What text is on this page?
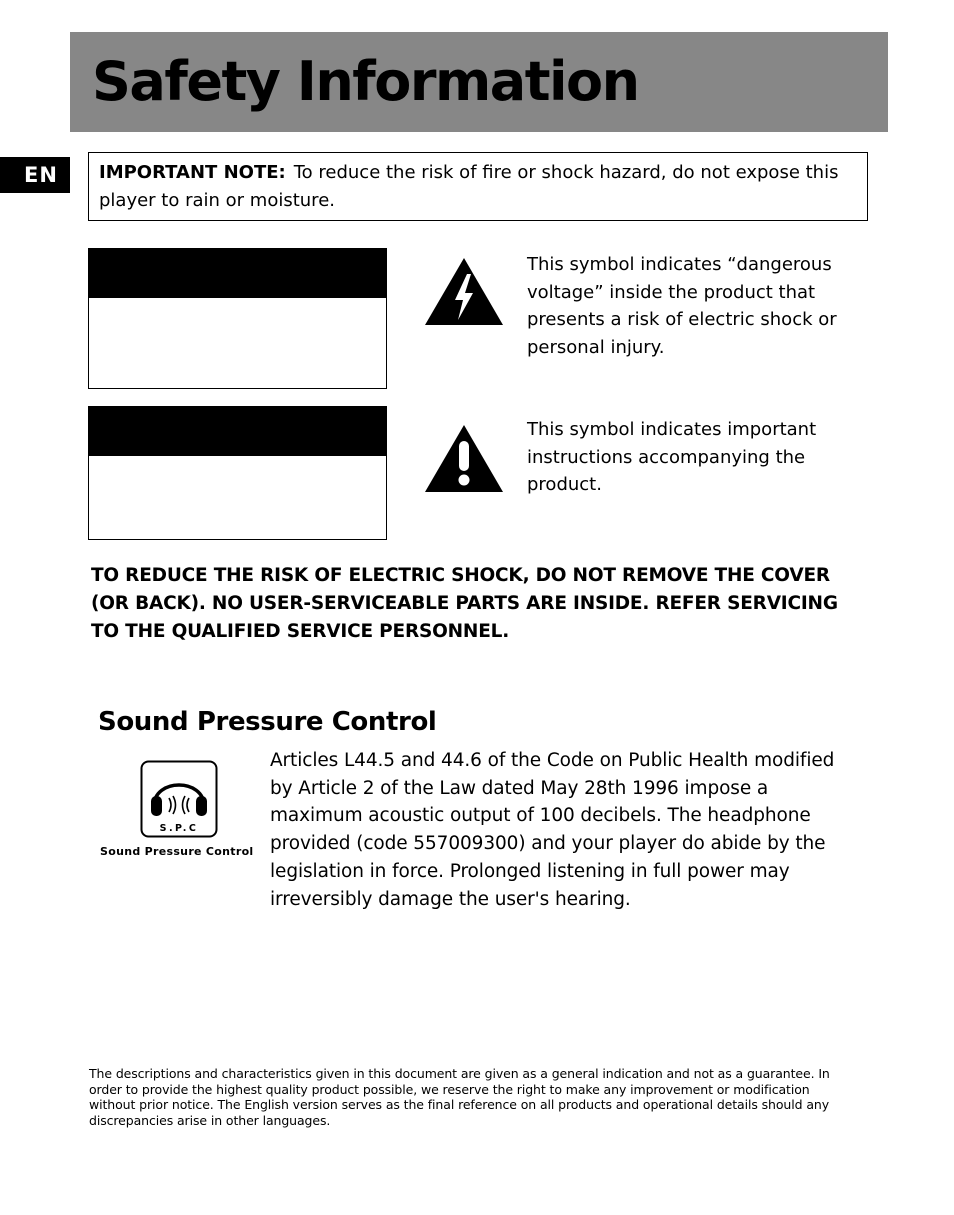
Safety Information
EN	IMPORTANT NOTE: To reduce the risk of fire or shock hazard, do not expose this player to rain or moisture.
This symbol indicates “dangerous voltage” inside the product that presents a risk of electric shock or personal injury.
This symbol indicates important instructions accompanying the product.
TO REDUCE THE RISK OF ELECTRIC SHOCK, DO NOT REMOVE THE COVER (OR BACK). NO USER-SERVICEABLE PARTS ARE INSIDE. REFER SERVICING TO THE QUALIFIED SERVICE PERSONNEL.
Sound Pressure Control
S.P.C
Sound Pressure Control
Articles L44.5 and 44.6 of the Code on Public Health modified by Article 2 of the Law dated May 28th 1996 impose a maximum acoustic output of 100 decibels. The headphone provided (code 557009300) and your player do abide by the legislation in force. Prolonged listening in full power may irreversibly damage the user's hearing.
The descriptions and characteristics given in this document are given as a general indication and not as a guarantee. In order to provide the highest quality product possible, we reserve the right to make any improvement or modification without prior notice. The English version serves as the final reference on all products and operational details should any discrepancies arise in other languages.
